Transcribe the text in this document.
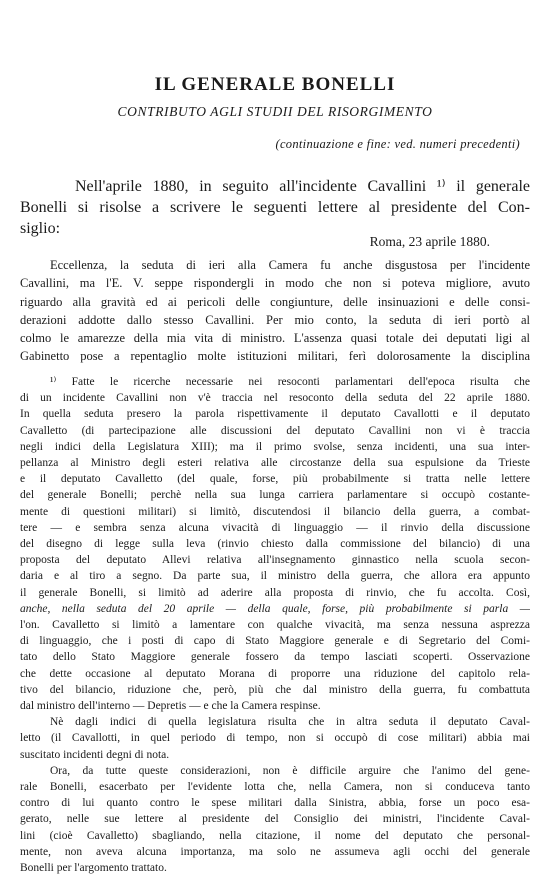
IL GENERALE BONELLI
CONTRIBUTO AGLI STUDII DEL RISORGIMENTO
(continuazione e fine: ved. numeri precedenti)
Nell'aprile 1880, in seguito all'incidente Cavallini ¹⁾ il generale
Bonelli si risolse a scrivere le seguenti lettere al presidente del Con-
siglio:
Roma, 23 aprile 1880.
Eccellenza, la seduta di ieri alla Camera fu anche disgustosa per l'incidente
Cavallini, ma l'E. V. seppe rispondergli in modo che non si poteva migliore, avuto
riguardo alla gravità ed ai pericoli delle congiunture, delle insinuazioni e delle consi-
derazioni addotte dallo stesso Cavallini. Per mio conto, la seduta di ieri portò al
colmo le amarezze della mia vita di ministro. L'assenza quasi totale dei deputati ligi al
Gabinetto pose a repentaglio molte istituzioni militari, ferì dolorosamente la disciplina
¹⁾ Fatte le ricerche necessarie nei resoconti parlamentari dell'epoca risulta che
di un incidente Cavallini non v'è traccia nel resoconto della seduta del 22 aprile 1880.
In quella seduta presero la parola rispettivamente il deputato Cavallotti e il deputato
Cavalletto (di partecipazione alle discussioni del deputato Cavallini non vi è traccia
negli indici della Legislatura XIII); ma il primo svolse, senza incidenti, una sua inter-
pellanza al Ministro degli esteri relativa alle circostanze della sua espulsione da Trieste
e il deputato Cavalletto (del quale, forse, più probabilmente si tratta nelle lettere
del generale Bonelli; perchè nella sua lunga carriera parlamentare si occupò costante-
mente di questioni militari) si limitò, discutendosi il bilancio della guerra, a combat-
tere — e sembra senza alcuna vivacità di linguaggio — il rinvio della discussione
del disegno di legge sulla leva (rinvio chiesto dalla commissione del bilancio) di una
proposta del deputato Allevi relativa all'insegnamento ginnastico nella scuola secon-
daria e al tiro a segno. Da parte sua, il ministro della guerra, che allora era appunto
il generale Bonelli, si limitò ad aderire alla proposta di rinvio, che fu accolta. Così,
anche, nella seduta del 20 aprile — della quale, forse, più probabilmente si parla —
l'on. Cavalletto si limitò a lamentare con qualche vivacità, ma senza nessuna asprezza
di linguaggio, che i posti di capo di Stato Maggiore generale e di Segretario del Comi-
tato dello Stato Maggiore generale fossero da tempo lasciati scoperti. Osservazione
che dette occasione al deputato Morana di proporre una riduzione del capitolo rela-
tivo del bilancio, riduzione che, però, più che dal ministro della guerra, fu combattuta
dal ministro dell'interno — Depretis — e che la Camera respinse.
Nè dagli indici di quella legislatura risulta che in altra seduta il deputato Caval-
letto (il Cavallotti, in quel periodo di tempo, non si occupò di cose militari) abbia mai
suscitato incidenti degni di nota.
Ora, da tutte queste considerazioni, non è difficile arguire che l'animo del gene-
rale Bonelli, esacerbato per l'evidente lotta che, nella Camera, non si conduceva tanto
contro di lui quanto contro le spese militari dalla Sinistra, abbia, forse un poco esa-
gerato, nelle sue lettere al presidente del Consiglio dei ministri, l'incidente Caval-
lini (cioè Cavalletto) sbagliando, nella citazione, il nome del deputato che personal-
mente, non aveva alcuna importanza, ma solo ne assumeva agli occhi del generale
Bonelli per l'argomento trattato.
